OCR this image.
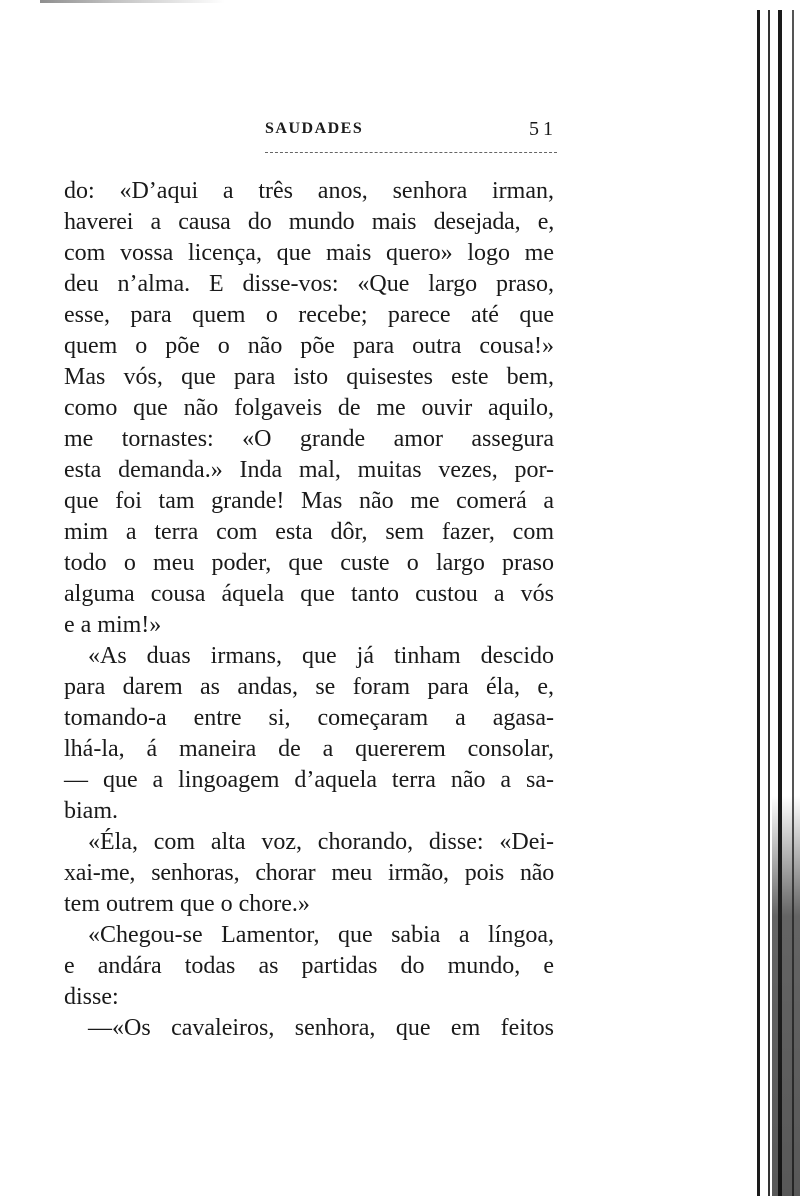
SAUDADES	51
do: «D’aqui a três anos, senhora irman,
haverei a causa do mundo mais desejada, e,
com vossa licença, que mais quero» logo me
deu n’alma. E disse-vos: «Que largo praso,
esse, para quem o recebe; parece até que
quem o põe o não põe para outra cousa!»
Mas vós, que para isto quisestes este bem,
como que não folgaveis de me ouvir aquilo,
me tornastes: «O grande amor assegura
esta demanda.» Inda mal, muitas vezes, por-
que foi tam grande! Mas não me comerá a
mim a terra com esta dôr, sem fazer, com
todo o meu poder, que custe o largo praso
alguma cousa áquela que tanto custou a vós
e a mim!»
«As duas irmans, que já tinham descido
para darem as andas, se foram para éla, e,
tomando-a entre si, começaram a agasa-
lhá-la, á maneira de a quererem consolar,
— que a lingoagem d’aquela terra não a sa-
biam.
«Éla, com alta voz, chorando, disse: «Dei-
xai-me, senhoras, chorar meu irmão, pois não
tem outrem que o chore.»
«Chegou-se Lamentor, que sabia a língoa,
e andára todas as partidas do mundo, e
disse:
—«Os cavaleiros, senhora, que em feitos
